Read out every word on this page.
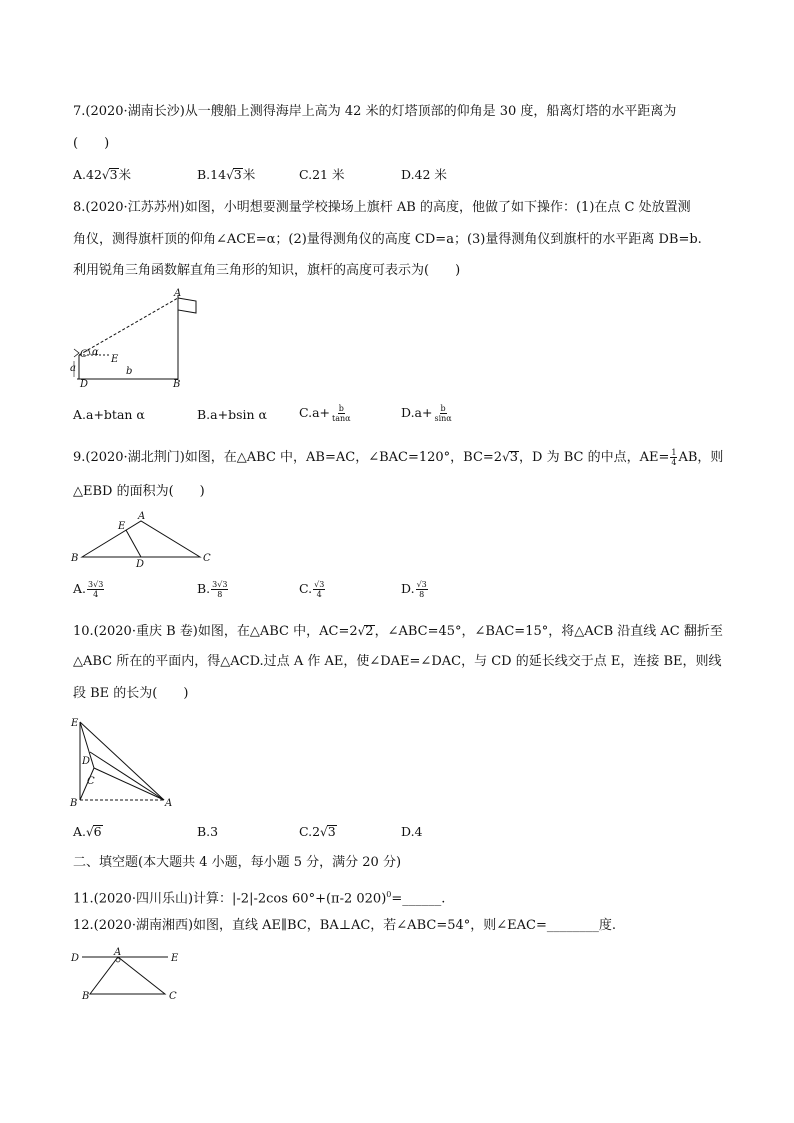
7.(2020·湖南长沙)从一艘船上测得海岸上高为 42 米的灯塔顶部的仰角是 30 度，船离灯塔的水平距离为
(　　)
A.42√3米	B.14√3米	C.21 米	D.42 米
8.(2020·江苏苏州)如图，小明想要测量学校操场上旗杆 AB 的高度，他做了如下操作：(1)在点 C 处放置测
角仪，测得旗杆顶的仰角∠ACE=α；(2)量得测角仪的高度 CD=a；(3)量得测角仪到旗杆的水平距离 DB=b.
利用锐角三角函数解直角三角形的知识，旗杆的高度可表示为(　　)
A
C α
E
a
D
b
B
A.a+btan α	B.a+bsin α	$C.a+ \frac{b}{\tan\alpha}$	$D.a+ \frac{b}{\sin\alpha}$
9.(2020·湖北荆门)如图，在△ABC 中，AB=AC，∠BAC=120°，BC=2√3，D 为 BC 的中点，$AE= \frac{1}{4}$ AB，则
△EBD 的面积为(　　)
A
E
B
D
C
A. $\frac{3√3}{4}$	B. $\frac{3√3}{8}$	C. $\frac{√3}{4}$	D. $\frac{√3}{8}$
10.(2020·重庆 B 卷)如图，在△ABC 中，AC=2√2，∠ABC=45°，∠BAC=15°，将△ACB 沿直线 AC 翻折至
△ABC 所在的平面内，得△ACD.过点 A 作 AE，使∠DAE=∠DAC，与 CD 的延长线交于点 E，连接 BE，则线
段 BE 的长为(　　)
E
D
C
B	A
A.√6	B.3	C.2√3	D.4
二、填空题(本大题共 4 小题，每小题 5 分，满分 20 分)
11.(2020·四川乐山)计算：|-2|-2cos 60°+(π-2 020)$^0$=______.
12.(2020·湖南湘西)如图，直线 AE∥BC，BA⊥AC，若∠ABC=54°，则∠EAC=________度.
D
A
E
B	C
